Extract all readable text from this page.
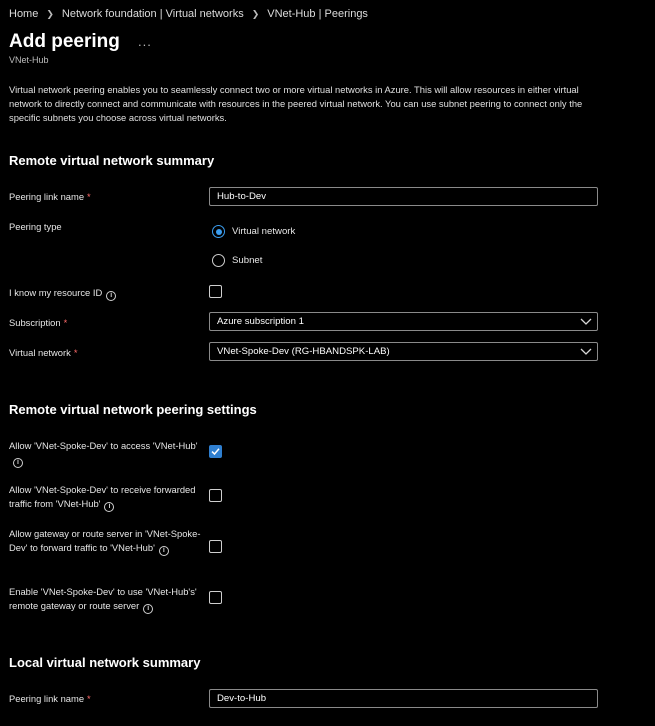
Home ❯ Network foundation | Virtual networks ❯ VNet-Hub | Peerings
Add peering ...
VNet-Hub
Virtual network peering enables you to seamlessly connect two or more virtual networks in Azure. This will allow resources in either virtual network to directly connect and communicate with resources in the peered virtual network. You can use subnet peering to connect only the specific subnets you choose across virtual networks.
Remote virtual network summary
Peering link name *	Hub-to-Dev
Peering type	Virtual network
Subnet
I know my resource ID i
Subscription *	Azure subscription 1
Virtual network *	VNet-Spoke-Dev (RG-HBANDSPK-LAB)
Remote virtual network peering settings
Allow 'VNet-Spoke-Dev' to access 'VNet-Hub'i
Allow 'VNet-Spoke-Dev' to receive forwarded traffic from 'VNet-Hub' i
Allow gateway or route server in 'VNet-Spoke-Dev' to forward traffic to 'VNet-Hub' i
Enable 'VNet-Spoke-Dev' to use 'VNet-Hub's' remote gateway or route server i
Local virtual network summary
Peering link name *	Dev-to-Hub
